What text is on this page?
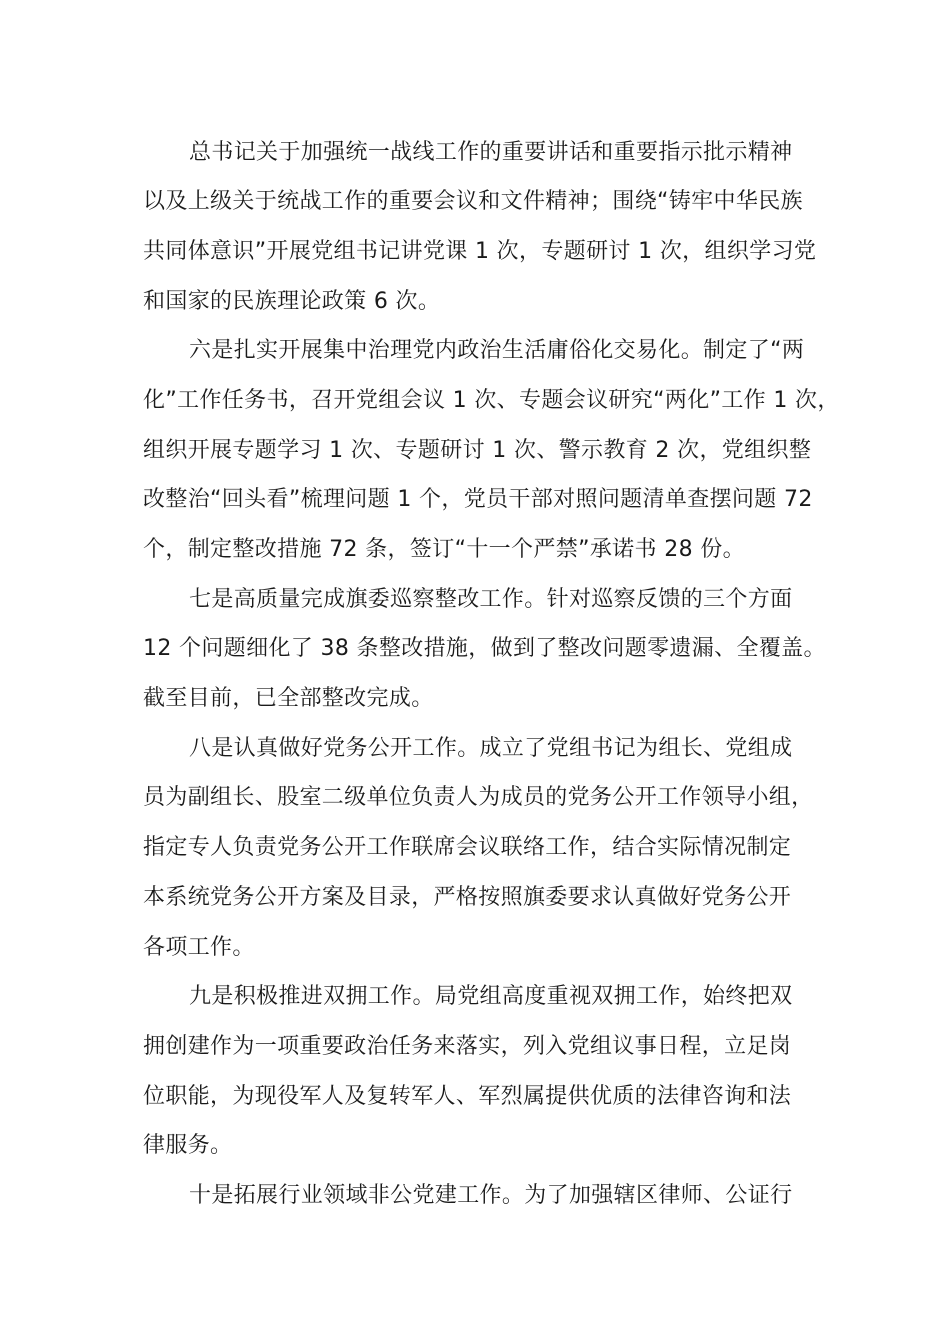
总书记关于加强统一战线工作的重要讲话和重要指示批示精神
以及上级关于统战工作的重要会议和文件精神；围绕“铸牢中华民族
共同体意识”开展党组书记讲党课 1 次，专题研讨 1 次，组织学习党
和国家的民族理论政策 6 次。
六是扎实开展集中治理党内政治生活庸俗化交易化。制定了“两
化”工作任务书，召开党组会议 1 次、专题会议研究“两化”工作 1 次，
组织开展专题学习 1 次、专题研讨 1 次、警示教育 2 次，党组织整
改整治“回头看”梳理问题 1 个，党员干部对照问题清单查摆问题 72
个，制定整改措施 72 条，签订“十一个严禁”承诺书 28 份。
七是高质量完成旗委巡察整改工作。针对巡察反馈的三个方面
12 个问题细化了 38 条整改措施，做到了整改问题零遗漏、全覆盖。
截至目前，已全部整改完成。
八是认真做好党务公开工作。成立了党组书记为组长、党组成
员为副组长、股室二级单位负责人为成员的党务公开工作领导小组，
指定专人负责党务公开工作联席会议联络工作，结合实际情况制定
本系统党务公开方案及目录，严格按照旗委要求认真做好党务公开
各项工作。
九是积极推进双拥工作。局党组高度重视双拥工作，始终把双
拥创建作为一项重要政治任务来落实，列入党组议事日程，立足岗
位职能，为现役军人及复转军人、军烈属提供优质的法律咨询和法
律服务。
十是拓展行业领域非公党建工作。为了加强辖区律师、公证行
